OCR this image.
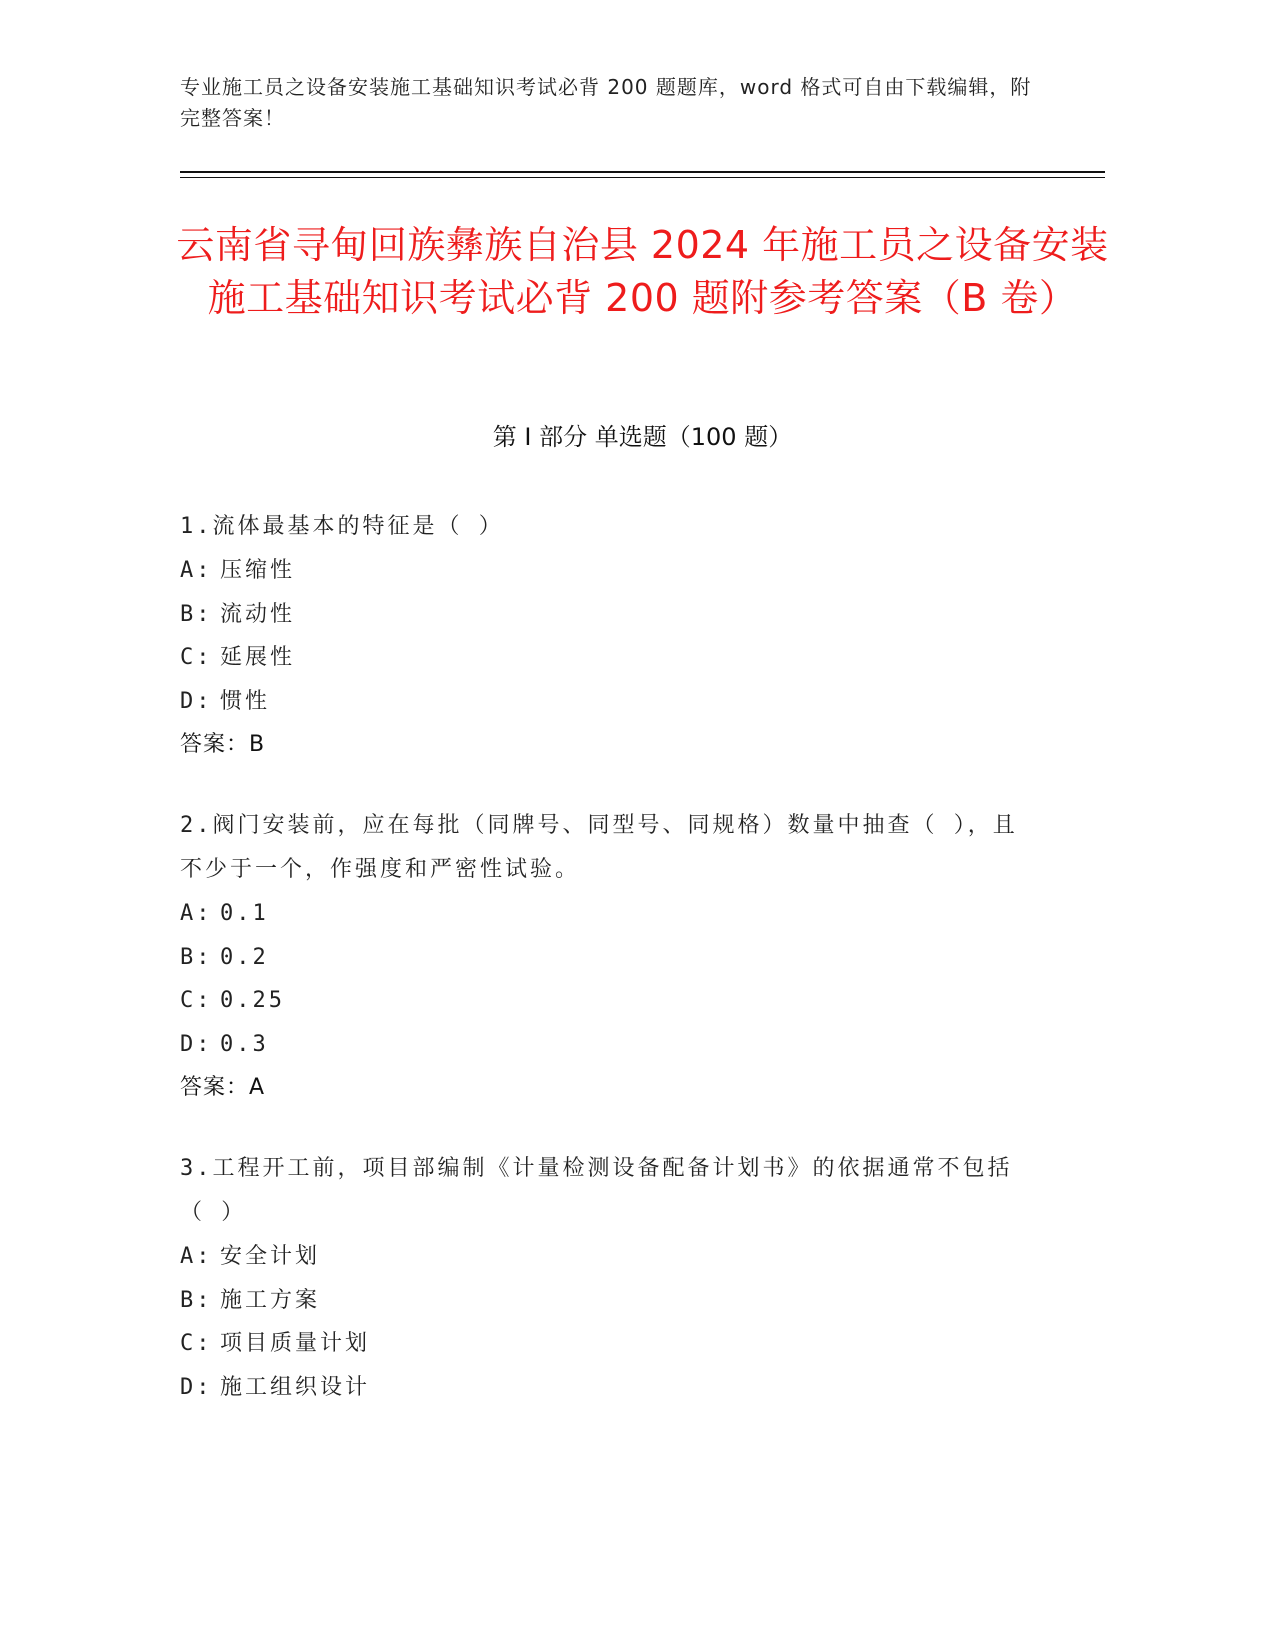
专业施工员之设备安装施工基础知识考试必背 200 题题库，word 格式可自由下载编辑，附完整答案！
云南省寻甸回族彝族自治县 2024 年施工员之设备安装施工基础知识考试必背 200 题附参考答案（B 卷）
第 I 部分 单选题（100 题）
1.流体最基本的特征是（ ）
A: 压缩性
B: 流动性
C: 延展性
D: 惯性
答案：B
2.阀门安装前，应在每批（同牌号、同型号、同规格）数量中抽查（ ），且不少于一个，作强度和严密性试验。
A: 0.1
B: 0.2
C: 0.25
D: 0.3
答案：A
3.工程开工前，项目部编制《计量检测设备配备计划书》的依据通常不包括（ ）
A: 安全计划
B: 施工方案
C: 项目质量计划
D: 施工组织设计
